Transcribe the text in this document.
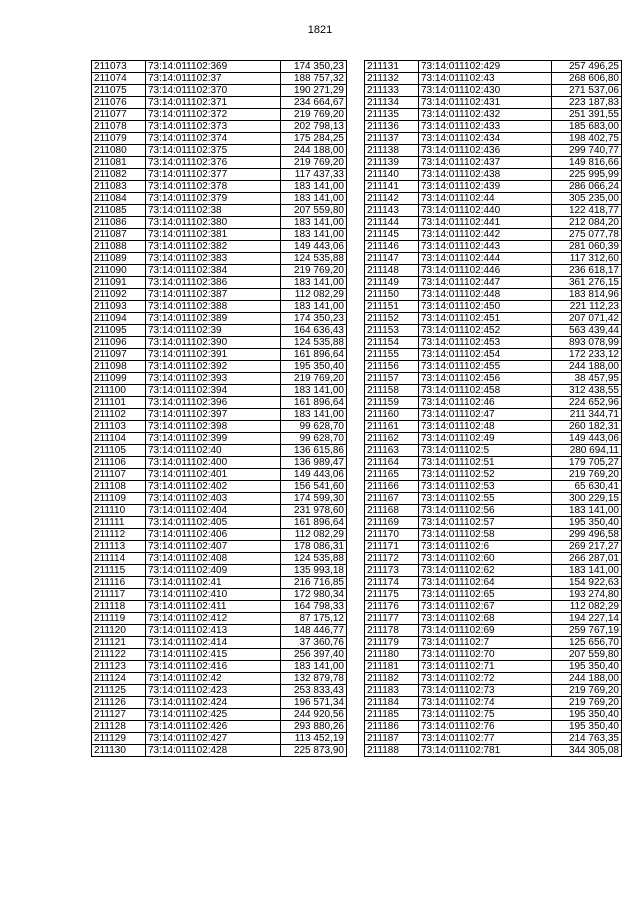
1821
211073	73:14:011102:369	174 350,23
211074	73:14:011102:37	188 757,32
211075	73:14:011102:370	190 271,29
211076	73:14:011102:371	234 664,67
211077	73:14:011102:372	219 769,20
211078	73:14:011102:373	202 798,13
211079	73:14:011102:374	175 284,25
211080	73:14:011102:375	244 188,00
211081	73:14:011102:376	219 769,20
211082	73:14:011102:377	117 437,33
211083	73:14:011102:378	183 141,00
211084	73:14:011102:379	183 141,00
211085	73:14:011102:38	207 559,80
211086	73:14:011102:380	183 141,00
211087	73:14:011102:381	183 141,00
211088	73:14:011102:382	149 443,06
211089	73:14:011102:383	124 535,88
211090	73:14:011102:384	219 769,20
211091	73:14:011102:386	183 141,00
211092	73:14:011102:387	112 082,29
211093	73:14:011102:388	183 141,00
211094	73:14:011102:389	174 350,23
211095	73:14:011102:39	164 636,43
211096	73:14:011102:390	124 535,88
211097	73:14:011102:391	161 896,64
211098	73:14:011102:392	195 350,40
211099	73:14:011102:393	219 769,20
211100	73:14:011102:394	183 141,00
211101	73:14:011102:396	161 896,64
211102	73:14:011102:397	183 141,00
211103	73:14:011102:398	99 628,70
211104	73:14:011102:399	99 628,70
211105	73:14:011102:40	136 615,86
211106	73:14:011102:400	136 989,47
211107	73:14:011102:401	149 443,06
211108	73:14:011102:402	156 541,60
211109	73:14:011102:403	174 599,30
211110	73:14:011102:404	231 978,60
211111	73:14:011102:405	161 896,64
211112	73:14:011102:406	112 082,29
211113	73:14:011102:407	178 086,31
211114	73:14:011102:408	124 535,88
211115	73:14:011102:409	135 993,18
211116	73:14:011102:41	216 716,85
211117	73:14:011102:410	172 980,34
211118	73:14:011102:411	164 798,33
211119	73:14:011102:412	87 175,12
211120	73:14:011102:413	148 446,77
211121	73:14:011102:414	37 360,76
211122	73:14:011102:415	256 397,40
211123	73:14:011102:416	183 141,00
211124	73:14:011102:42	132 879,78
211125	73:14:011102:423	253 833,43
211126	73:14:011102:424	196 571,34
211127	73:14:011102:425	244 920,56
211128	73:14:011102:426	293 880,26
211129	73:14:011102:427	113 452,19
211130	73:14:011102:428	225 873,90
211131	73:14:011102:429	257 496,25
211132	73:14:011102:43	268 606,80
211133	73:14:011102:430	271 537,06
211134	73:14:011102:431	223 187,83
211135	73:14:011102:432	251 391,55
211136	73:14:011102:433	185 683,00
211137	73:14:011102:434	198 402,75
211138	73:14:011102:436	299 740,77
211139	73:14:011102:437	149 816,66
211140	73:14:011102:438	225 995,99
211141	73:14:011102:439	286 066,24
211142	73:14:011102:44	305 235,00
211143	73:14:011102:440	122 418,77
211144	73:14:011102:441	212 084,20
211145	73:14:011102:442	275 077,78
211146	73:14:011102:443	281 060,39
211147	73:14:011102:444	117 312,60
211148	73:14:011102:446	236 618,17
211149	73:14:011102:447	361 276,15
211150	73:14:011102:448	183 814,96
211151	73:14:011102:450	221 112,23
211152	73:14:011102:451	207 071,42
211153	73:14:011102:452	563 439,44
211154	73:14:011102:453	893 078,99
211155	73:14:011102:454	172 233,12
211156	73:14:011102:455	244 188,00
211157	73:14:011102:456	38 457,95
211158	73:14:011102:458	312 438,55
211159	73:14:011102:46	224 652,96
211160	73:14:011102:47	211 344,71
211161	73:14:011102:48	260 182,31
211162	73:14:011102:49	149 443,06
211163	73:14:011102:5	280 694,11
211164	73:14:011102:51	179 705,27
211165	73:14:011102:52	219 769,20
211166	73:14:011102:53	65 630,41
211167	73:14:011102:55	300 229,15
211168	73:14:011102:56	183 141,00
211169	73:14:011102:57	195 350,40
211170	73:14:011102:58	299 496,58
211171	73:14:011102:6	269 217,27
211172	73:14:011102:60	266 287,01
211173	73:14:011102:62	183 141,00
211174	73:14:011102:64	154 922,63
211175	73:14:011102:65	193 274,80
211176	73:14:011102:67	112 082,29
211177	73:14:011102:68	194 227,14
211178	73:14:011102:69	259 767,19
211179	73:14:011102:7	125 656,70
211180	73:14:011102:70	207 559,80
211181	73:14:011102:71	195 350,40
211182	73:14:011102:72	244 188,00
211183	73:14:011102:73	219 769,20
211184	73:14:011102:74	219 769,20
211185	73:14:011102:75	195 350,40
211186	73:14:011102:76	195 350,40
211187	73:14:011102:77	214 763,35
211188	73:14:011102:781	344 305,08
